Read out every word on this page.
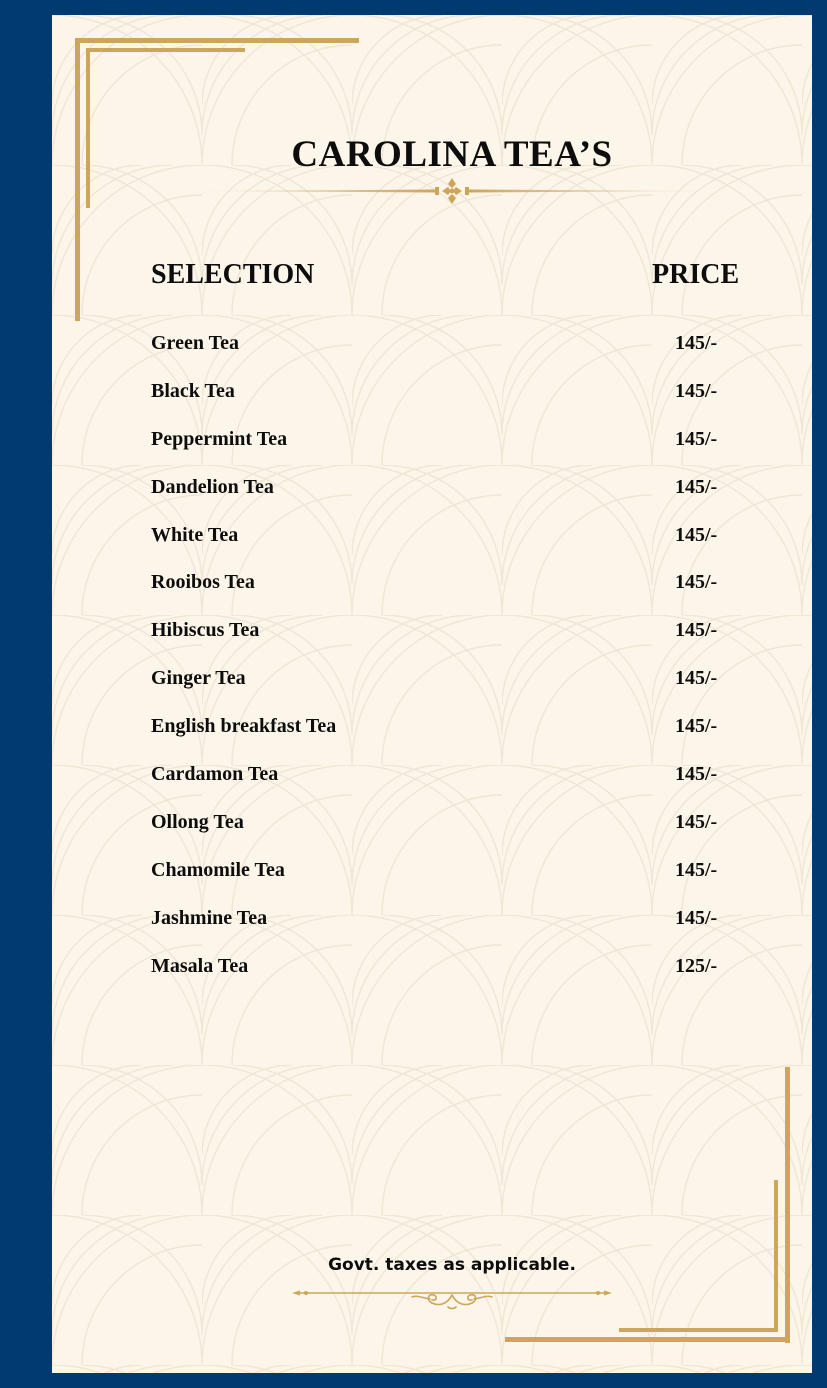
CAROLINA TEA’S
SELECTION	PRICE
Green Tea	145/-
Black Tea	145/-
Peppermint Tea	145/-
Dandelion Tea	145/-
White Tea	145/-
Rooibos Tea	145/-
Hibiscus Tea	145/-
Ginger Tea	145/-
English breakfast Tea	145/-
Cardamon Tea	145/-
Ollong Tea	145/-
Chamomile Tea	145/-
Jashmine Tea	145/-
Masala Tea	125/-

Govt. taxes as applicable.
